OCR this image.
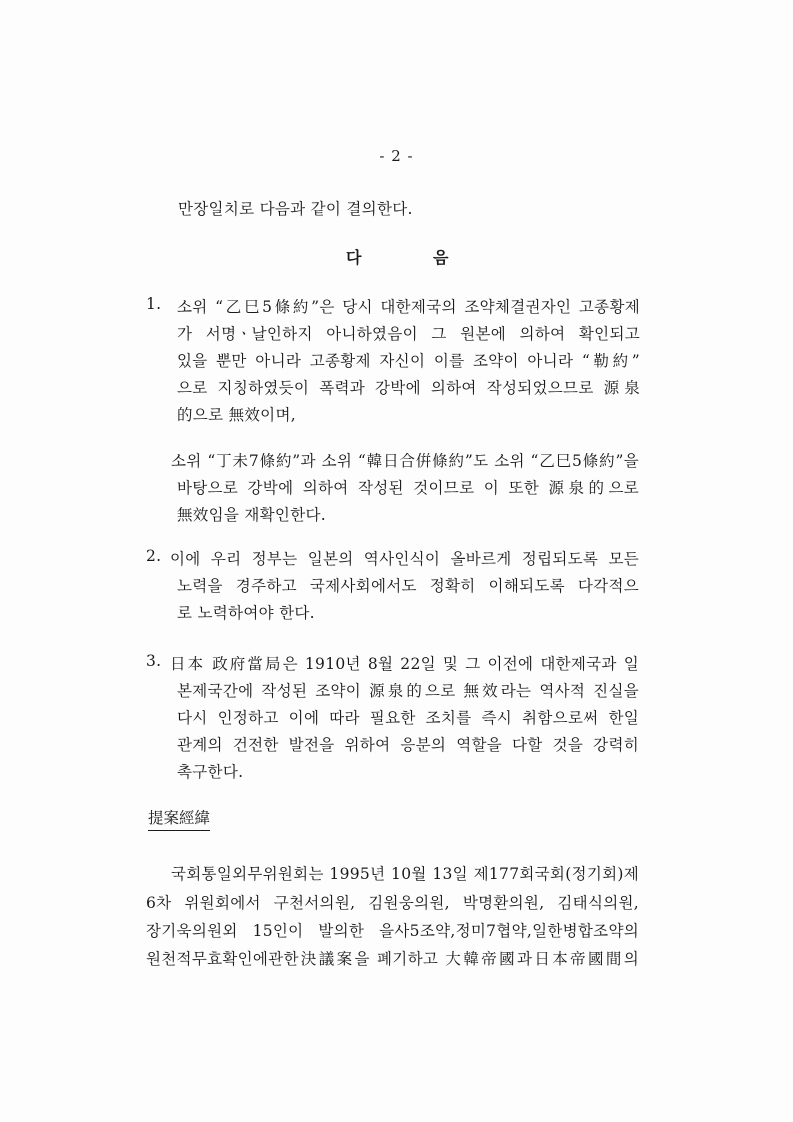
- 2 -
만장일치로 다음과 같이 결의한다.
다	음
1. 소위 “乙巳5條約”은 당시 대한제국의 조약체결권자인 고종황제
가 서명ㆍ날인하지 아니하였음이 그 원본에 의하여 확인되고
있을 뿐만 아니라 고종황제 자신이 이를 조약이 아니라 “勒約”
으로 지칭하였듯이 폭력과 강박에 의하여 작성되었으므로 源泉
的으로 無效이며,
소위 “丁未7條約”과 소위 “韓日合倂條約”도 소위 “乙巳5條約”을
바탕으로 강박에 의하여 작성된 것이므로 이 또한 源泉的으로
無效임을 재확인한다.
2. 이에 우리 정부는 일본의 역사인식이 올바르게 정립되도록 모든
노력을 경주하고 국제사회에서도 정확히 이해되도록 다각적으
로 노력하여야 한다.
3. 日本 政府當局은 1910년 8월 22일 및 그 이전에 대한제국과 일
본제국간에 작성된 조약이 源泉的으로 無效라는 역사적 진실을
다시 인정하고 이에 따라 필요한 조치를 즉시 취함으로써 한일
관계의 건전한 발전을 위하여 응분의 역할을 다할 것을 강력히
촉구한다.
提案經緯
국회통일외무위원회는 1995년 10월 13일 제177회국회(정기회)제
6차 위원회에서 구천서의원, 김원웅의원, 박명환의원, 김태식의원,
장기욱의원외 15인이 발의한 을사5조약,정미7협약,일한병합조약의
원천적무효확인에관한決議案을 폐기하고 大韓帝國과日本帝國間의
